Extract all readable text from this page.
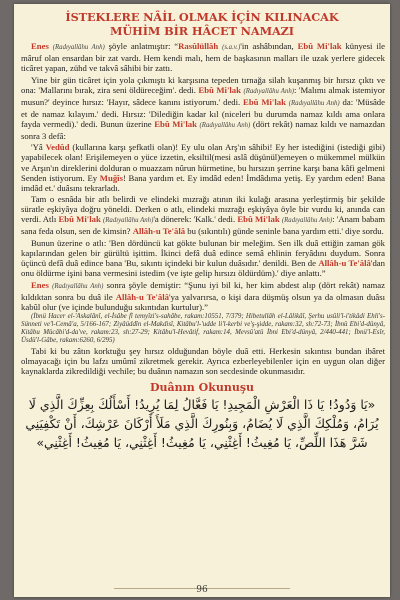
İSTEKLERE NÂİL OLMAK İÇİN KILINACAK
MÜHİM BİR HÂCET NAMAZI

Enes (Radıyallâhu Anh) şöyle anlatmıştır: “Rasûlüllâh (s.a.v.)'in ashâbından, Ebû Mi'lak künyesi ile mâruf olan ensardan bir zat vardı. Hem kendi malı, hem de başkasının malları ile uzak yerlere gidecek ticâret yapan, zühd ve takvâ sâhibi bir zattı.

Yine bir gün ticâret için yola çıkmıştı ki karşısına tepeden tırnağa silah kuşanmış bir hırsız çıktı ve ona: 'Mallarını bırak, zira seni öldüreceğim'. dedi. Ebû Mi'lak (Radıyallâhu Anh): 'Malımı almak istemiyor musun?' deyince hırsız: 'Hayır, sâdece kanını istiyorum.' dedi. Ebû Mi'lak (Radıyallâhu Anh) da: 'Müsâde et de namaz kılayım.' dedi. Hırsız: 'Dilediğin kadar kıl (niceleri bu durumda namaz kıldı ama onlara fayda vermedi).' dedi. Bunun üzerine Ebû Mi'lak (Radıyallâhu Anh) (dört rekât) namaz kıldı ve namazdan sonra 3 defâ:

'Yâ Vedûd (kullarına karşı şefkatli olan)! Ey ulu olan Arş'ın sâhibi! Ey her istediğini (istediği gibi) yapabilecek olan! Erişilemeyen o yüce izzetin, eksiltil(mesi aslâ düşünül)emeyen o mükemmel mülkün ve Arşın'ın direklerini dolduran o muazzam nûrun hürmetine, bu hırsızın şerrine karşı bana kâfi gelmeni Senden istiyorum. Ey Muğîs! Bana yardım et. Ey imdâd eden! İmdâdıma yetiş. Ey yardım eden! Bana imdâd et.' duâsını tekrarladı.

Tam o esnâda bir atlı belirdi ve elindeki mızrağı atının iki kulağı arasına yerleştirmiş bir şekilde süratle eşkiyâya doğru yöneldi. Derken o atlı, elindeki mızrağı eşkiyâya öyle bir vurdu ki, anında can verdi. Atlı Ebû Mi'lak (Radıyallâhu Anh)'a dönerek: 'Kalk.' dedi. Ebû Mi'lak (Radıyallâhu Anh): 'Anam babam sana feda olsun, sen de kimsin? Allâh-u Te'âlâ bu (sıkıntılı) günde seninle bana yardım etti.' diye sordu.

Bunun üzerine o atlı: 'Ben dördüncü kat gökte bulunan bir meleğim. Sen ilk duâ ettiğin zaman gök kapılarından gelen bir gürültü işittim. İkinci defâ duâ edince semâ ehlinin feryâdını duydum. Sonra üçüncü defâ duâ edince bana 'Bu, sıkıntı içindeki bir kulun duâsıdır.' denildi. Ben de Allâh-u Te'âlâ'dan onu öldürme işini bana vermesini istedim (ve işte gelip hırsızı öldürdüm).' diye anlattı.”

Enes (Radıyallâhu Anh) sonra şöyle demiştir: “Şunu iyi bil ki, her kim abdest alıp (dört rekât) namaz kıldıktan sonra bu duâ ile Allâh-u Te'âlâ'ya yalvarırsa, o kişi dara düşmüş olsun ya da olmasın duâsı kabûl olur (ve içinde bulunduğu sıkıntıdan kurtulur).”
(İbnü Hacer el-'Askalânî, el-İsâbe fî temyîzi's-sahâbe, rakam:10551, 7/379; Hibetullâh el-Lâlikâî, Şerhu usûli'l-i'tikâdi Ehli's-Sünneti ve'l-Cemâ'a, 5/166-167; Ziyâüddîn el-Makdisî, Kitâbu'l-'udde li'l-kerbi ve'ş-şidde, rakam:32, sh:72-73; İbnü Ebi'd-dünyâ, Kitâbu Mücâbi'd-da've, rakam:23, sh:27-29; Kitâbu'l-Hevâtif, rakam:14, Mevsû'atü İbni Ebi'd-dünyâ, 2/440-441; İbnü'l-Esîr, Üsdü'l-Gâbe, rakam:6260, 6/295)

Tabi ki bu zâtın korktuğu şey hırsız olduğundan böyle duâ etti. Herkesin sıkıntısı bundan ibâret olmayacağı için bu lafzı umûmî zikretmek gerekir. Ayrıca ezberleyebilenler için en uygun olan diğer kaynaklarda zikredildiği vechile; bu duânın namazın son secdesinde okunmasıdır.

Duânın Okunuşu
«يَا وَدُودُ! يَا ذَا الْعَرْشِ الْمَجِيدِ! يَا فَعَّالُ لِمَا يُرِيدُ! أَسْأَلُكَ بِعِزِّكَ الَّذِي لَا يُرَامُ، وَمُلْكِكَ الَّذِي لَا يُضَامُ، وَبِنُورِكَ الَّذِي مَلَأَ أَرْكَانَ عَرْشِكَ، أَنْ تَكْفِيَنِي شَرَّ هَذَا اللِّصِّ، يَا مُغِيثُ! أَغِثْنِي، يَا مُغِيثُ! أَغِثْنِي، يَا مُغِيثُ! أَغِثْنِي»
96
